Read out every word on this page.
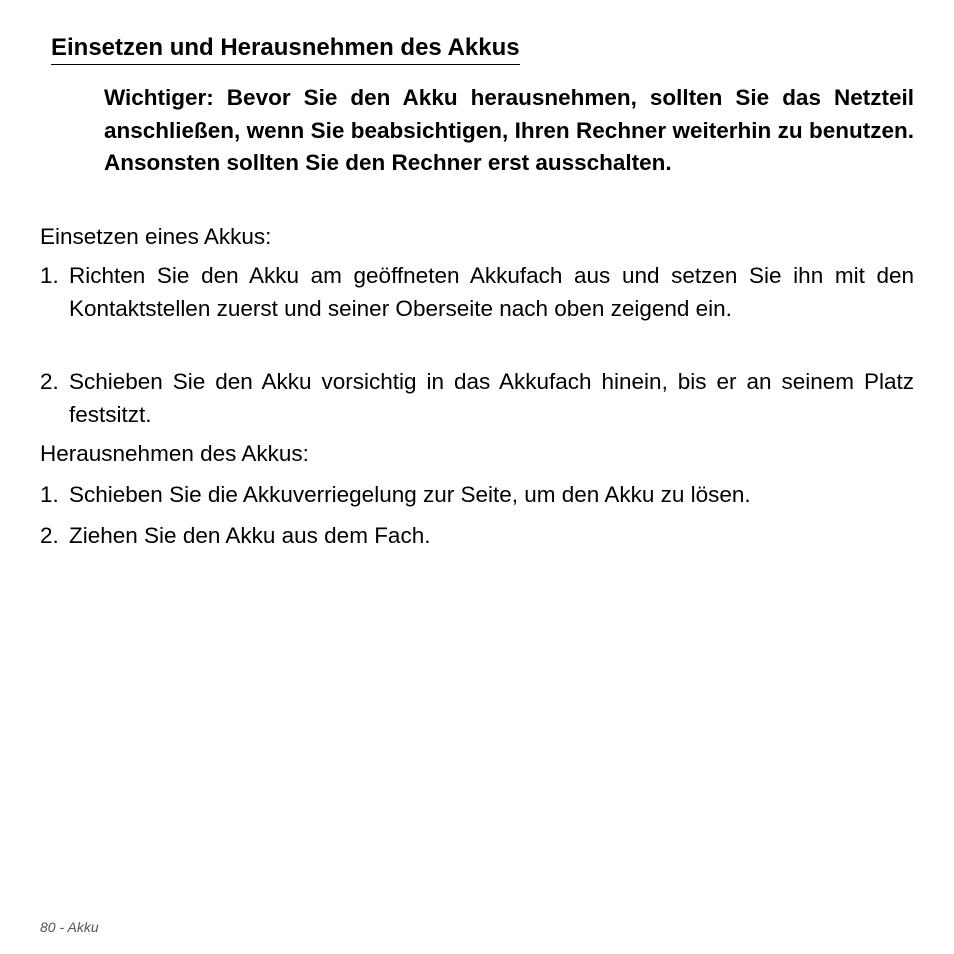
Einsetzen und Herausnehmen des Akkus
Wichtiger: Bevor Sie den Akku herausnehmen, sollten Sie das Netzteil anschließen, wenn Sie beabsichtigen, Ihren Rechner weiterhin zu benutzen. Ansonsten sollten Sie den Rechner erst ausschalten.
Einsetzen eines Akkus:
1. Richten Sie den Akku am geöffneten Akkufach aus und setzen Sie ihn mit den Kontaktstellen zuerst und seiner Oberseite nach oben zeigend ein.
2. Schieben Sie den Akku vorsichtig in das Akkufach hinein, bis er an seinem Platz festsitzt.
Herausnehmen des Akkus:
1. Schieben Sie die Akkuverriegelung zur Seite, um den Akku zu lösen.
2. Ziehen Sie den Akku aus dem Fach.
80 - Akku
